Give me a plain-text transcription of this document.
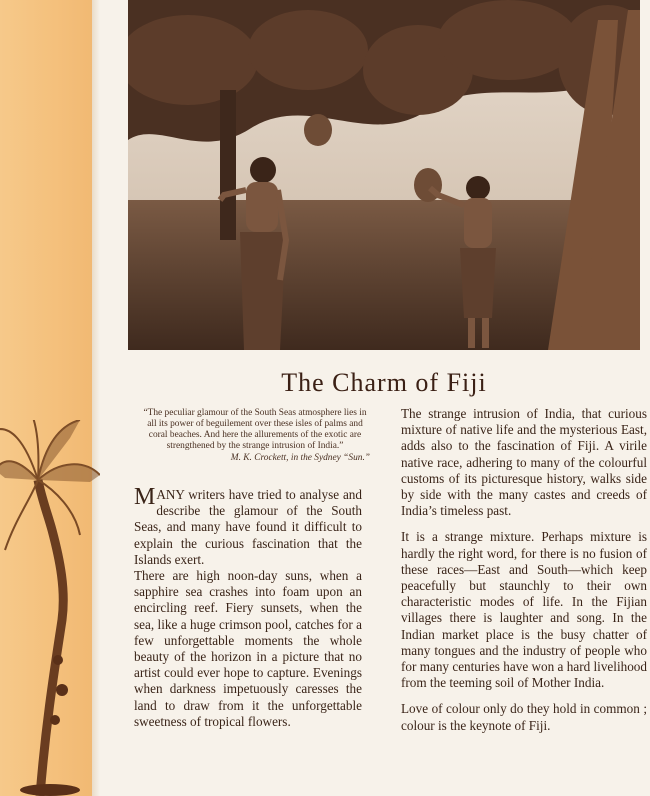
The Charm of Fiji
“The peculiar glamour of the South Seas atmosphere lies in all its power of beguilement over these isles of palms and coral beaches. And here the allurements of the exotic are strengthened by the strange intrusion of India.”
M. K. Crockett, in the Sydney “Sun.”

MANY writers have tried to analyse and describe the glamour of the South Seas, and many have found it difficult to explain the curious fascination that the Islands exert.

There are high noon-day suns, when a sapphire sea crashes into foam upon an encircling reef. Fiery sunsets, when the sea, like a huge crimson pool, catches for a few unforgettable moments the whole beauty of the horizon in a picture that no artist could ever hope to capture. Evenings when darkness impetuously caresses the land to draw from it the unforgettable sweetness of tropical flowers.

The strange intrusion of India, that curious mixture of native life and the mysterious East, adds also to the fascination of Fiji. A virile native race, adhering to many of the colourful customs of its picturesque history, walks side by side with the many castes and creeds of India’s timeless past.

It is a strange mixture. Perhaps mixture is hardly the right word, for there is no fusion of these races—East and South—which keep peacefully but staunchly to their own characteristic modes of life. In the Fijian villages there is laughter and song. In the Indian market place is the busy chatter of many tongues and the industry of people who for many centuries have won a hard livelihood from the teeming soil of Mother India.

Love of colour only do they hold in common ; colour is the keynote of Fiji.
